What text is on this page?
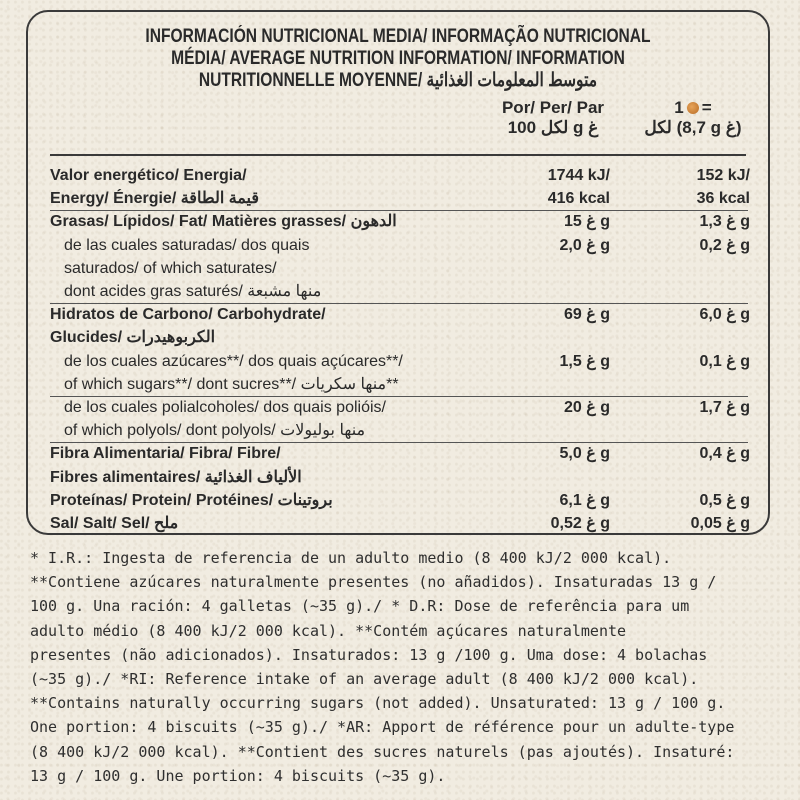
INFORMACIÓN NUTRICIONAL MEDIA/ INFORMAÇÃO NUTRICIONAL
MÉDIA/ AVERAGE NUTRITION INFORMATION/ INFORMATION
NUTRITIONNELLE MOYENNE/ متوسط المعلومات الغذائية
Por/ Per/ Par
لكل 100 g غ
1 =
لكل (8,7 g غ)
Valor energético/ Energia/	1744 kJ/	152 kJ/
Energy/ Énergie/ قيمة الطاقة	416 kcal	36 kcal
Grasas/ Lípidos/ Fat/ Matières grasses/ الدهون	غ 15 g	غ 1,3 g
de las cuales saturadas/ dos quais	غ 2,0 g	غ 0,2 g
saturados/ of which saturates/
dont acides gras saturés/ منها مشبعة
Hidratos de Carbono/ Carbohydrate/	غ 69 g	غ 6,0 g
Glucides/ الكربوهيدرات
de los cuales azúcares**/ dos quais açúcares**/	غ 1,5 g	غ 0,1 g
of which sugars**/ dont sucres**/ منها سكريات**
de los cuales polialcoholes/ dos quais polióis/	غ 20 g	غ 1,7 g
of which polyols/ dont polyols/ منها بوليولات
Fibra Alimentaria/ Fibra/ Fibre/	غ 5,0 g	غ 0,4 g
Fibres alimentaires/ الألياف الغذائية
Proteínas/ Protein/ Protéines/ بروتينات	غ 6,1 g	غ 0,5 g
Sal/ Salt/ Sel/ ملح	غ 0,52 g	غ 0,05 g
* I.R.: Ingesta de referencia de un adulto medio (8 400 kJ/2 000 kcal).
**Contiene azúcares naturalmente presentes (no añadidos). Insaturadas 13 g /
100 g. Una ración: 4 galletas (~35 g)./ * D.R: Dose de referência para um
adulto médio (8 400 kJ/2 000 kcal). **Contém açúcares naturalmente
presentes (não adicionados). Insaturados: 13 g /100 g. Uma dose: 4 bolachas
(~35 g)./ *RI: Reference intake of an average adult (8 400 kJ/2 000 kcal).
**Contains naturally occurring sugars (not added). Unsaturated: 13 g / 100 g.
One portion: 4 biscuits (~35 g)./ *AR: Apport de référence pour un adulte-type
(8 400 kJ/2 000 kcal). **Contient des sucres naturels (pas ajoutés). Insaturé:
13 g / 100 g. Une portion: 4 biscuits (~35 g).
